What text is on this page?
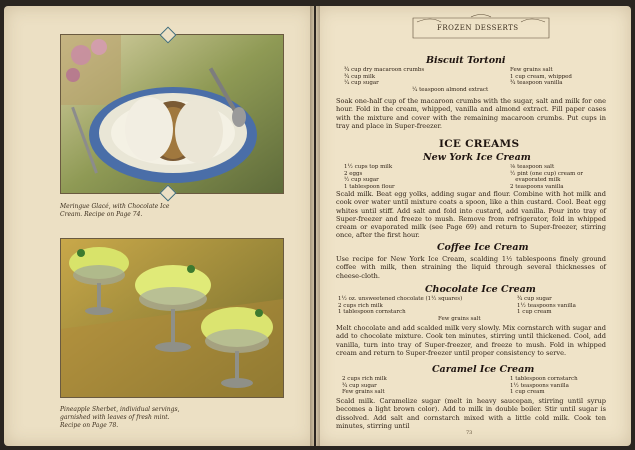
Meringue Glacé, with Chocolate Ice Cream. Recipe on Page 74.
Pineapple Sherbet, individual servings, garnished with leaves of fresh mint. Recipe on Page 78.
FROZEN DESSERTS
Biscuit Tortoni
¾ cup dry macaroon crumbs
¾ cup milk
¼ cup sugar
Few grains salt
1 cup cream, whipped
¾ teaspoon vanilla
¼ teaspoon almond extract
Soak one-half cup of the macaroon crumbs with the sugar, salt and milk for one hour. Fold in the cream, whipped, vanilla and almond extract. Fill paper cases with the mixture and cover with the remaining macaroon crumbs. Put cups in tray and place in Super-freezer.
ICE CREAMS
New York Ice Cream
1½ cups top milk
2 eggs
½ cup sugar
1 tablespoon flour
⅛ teaspoon salt
½ pint (one cup) cream or
evaporated milk
2 teaspoons vanilla
Scald milk. Beat egg yolks, adding sugar and flour. Combine with hot milk and cook over water until mixture coats a spoon, like a thin custard. Cool. Beat egg whites until stiff. Add salt and fold into custard, add vanilla. Pour into tray of Super-freezer and freeze to mush. Remove from refrigerator, fold in whipped cream or evaporated milk (see Page 69) and return to Super-freezer, stirring once, after the first hour.
Coffee Ice Cream
Use recipe for New York Ice Cream, scalding 1½ tablespoons finely ground coffee with milk, then straining the liquid through several thicknesses of cheese-cloth.
Chocolate Ice Cream
1½ oz. unsweetened chocolate (1½ squares)
2 cups rich milk
1 tablespoon cornstarch
¾ cup sugar
1½ teaspoons vanilla
1 cup cream
Few grains salt
Melt chocolate and add scalded milk very slowly. Mix cornstarch with sugar and add to chocolate mixture. Cook ten minutes, stirring until thickened. Cool, add vanilla, turn into tray of Super-freezer, and freeze to mush. Fold in whipped cream and return to Super-freezer until proper consistency to serve.
Caramel Ice Cream
2 cups rich milk
¾ cup sugar
Few grains salt
1 tablespoon cornstarch
1½ teaspoons vanilla
1 cup cream
Scald milk. Caramelize sugar (melt in heavy saucepan, stirring until syrup becomes a light brown color). Add to milk in double boiler. Stir until sugar is dissolved. Add salt and cornstarch mixed with a little cold milk. Cook ten minutes, stirring until
73
